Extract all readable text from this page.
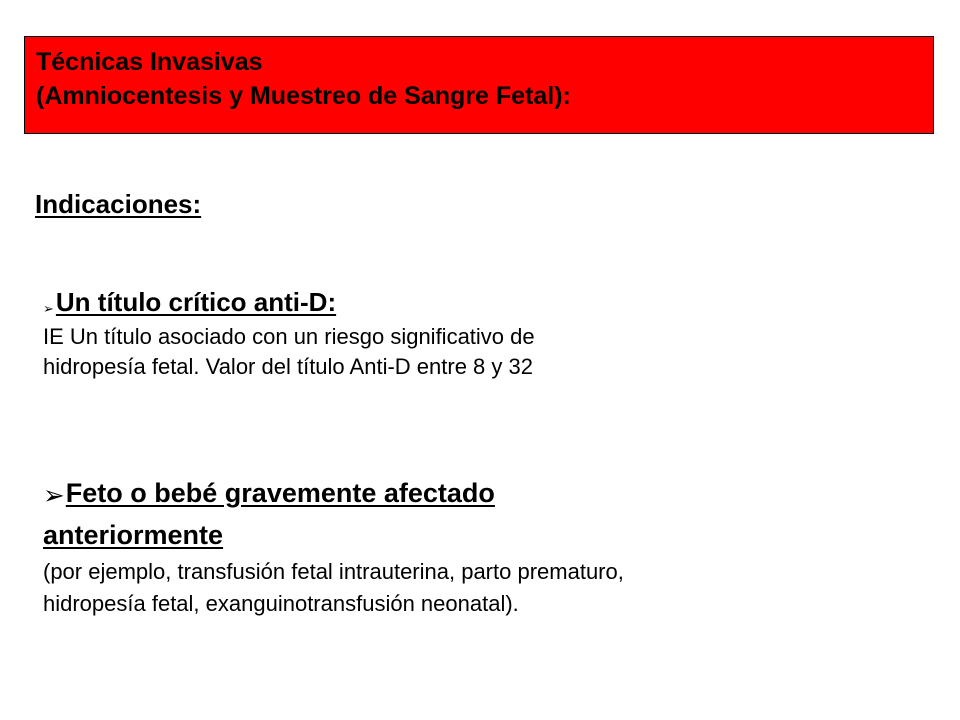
Técnicas Invasivas
(Amniocentesis y Muestreo de Sangre Fetal):
Indicaciones:
➢Un título crítico anti-D:
IE Un título asociado con un riesgo significativo de
hidropesía fetal. Valor del título Anti-D entre 8 y 32
➢Feto o bebé gravemente afectado
anteriormente
(por ejemplo, transfusión fetal intrauterina, parto prematuro,
hidropesía fetal, exanguinotransfusión neonatal).
